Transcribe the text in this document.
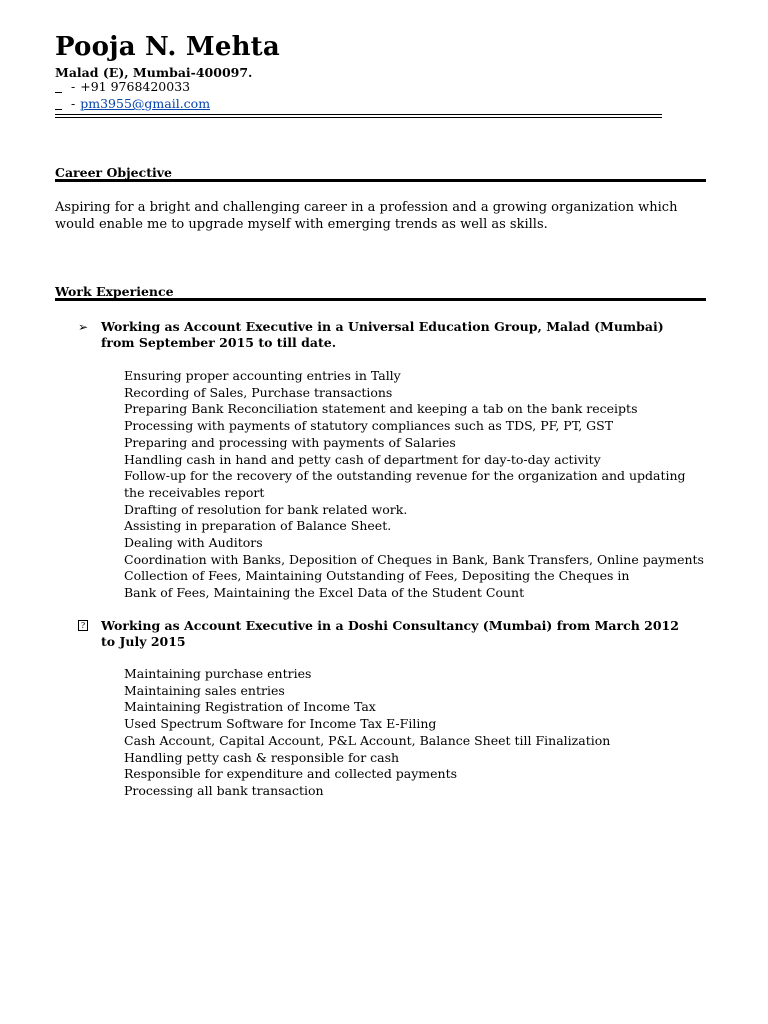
Pooja N. Mehta
Malad (E), Mumbai-400097.

- +91 9768420033

- pm3955@gmail.com
Career Objective
Aspiring for a bright and challenging career in a profession and a growing organization which would enable me to upgrade myself with emerging trends as well as skills.
Work Experience
➢ Working as Account Executive in a Universal Education Group, Malad (Mumbai) from September 2015 to till date.
Ensuring proper accounting entries in Tally
Recording of Sales, Purchase transactions
Preparing Bank Reconciliation statement and keeping a tab on the bank receipts
Processing with payments of statutory compliances such as TDS, PF, PT, GST
Preparing and processing with payments of Salaries
Handling cash in hand and petty cash of department for day-to-day activity
Follow-up for the recovery of the outstanding revenue for the organization and updating the receivables report
Drafting of resolution for bank related work.
Assisting in preparation of Balance Sheet.
Dealing with Auditors
Coordination with Banks, Deposition of Cheques in Bank, Bank Transfers, Online payments
Collection of Fees, Maintaining Outstanding of Fees, Depositing the Cheques in Bank of Fees, Maintaining the Excel Data of the Student Count
? Working as Account Executive in a Doshi Consultancy (Mumbai) from March 2012 to July 2015
Maintaining purchase entries
Maintaining sales entries
Maintaining Registration of Income Tax
Used Spectrum Software for Income Tax E-Filing
Cash Account, Capital Account, P&L Account, Balance Sheet till Finalization
Handling petty cash & responsible for cash
Responsible for expenditure and collected payments
Processing all bank transaction
